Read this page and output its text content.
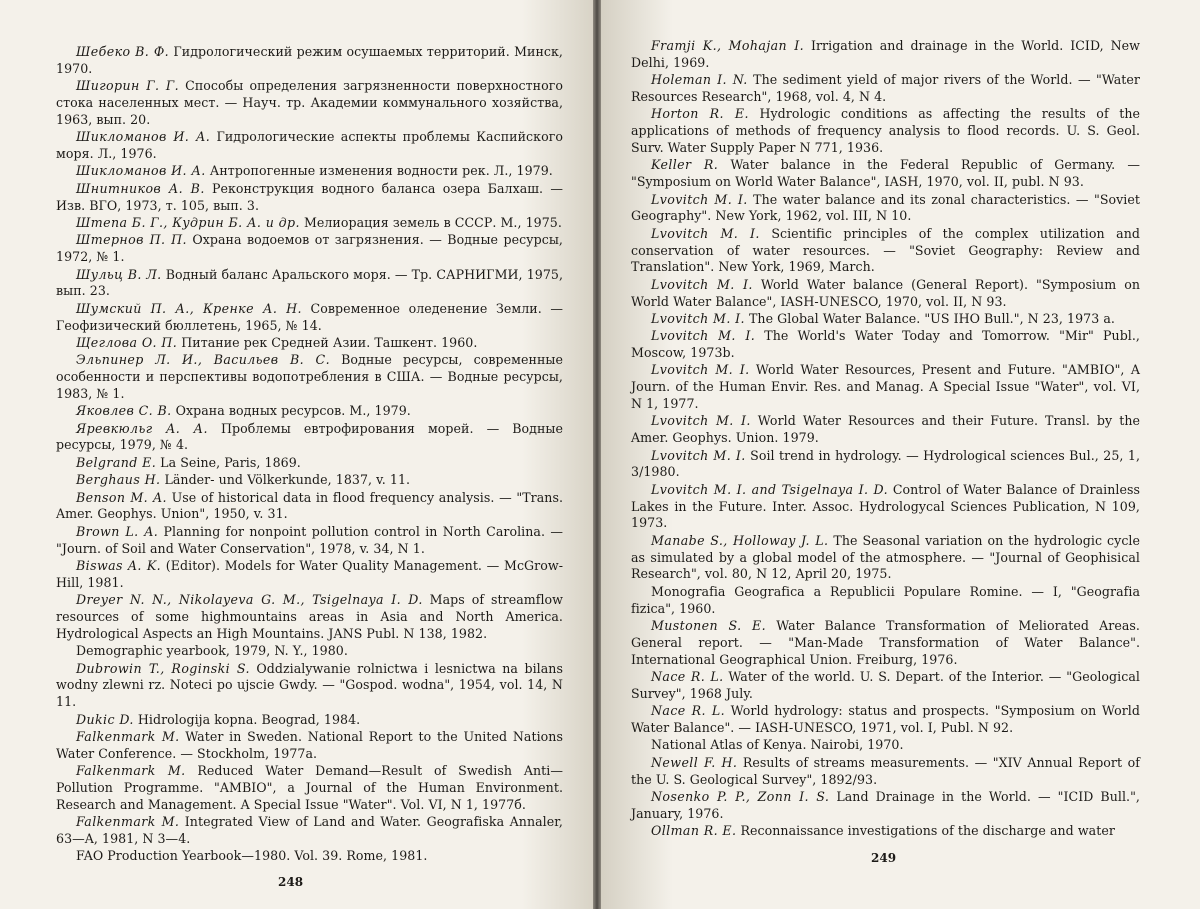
Шебеко В. Ф. Гидрологический режим осушаемых территорий. Минск, 1970.

Шигорин Г. Г. Способы определения загрязненности поверхностного стока населенных мест. — Науч. тр. Академии коммунального хозяйства, 1963, вып. 20.

Шикломанов И. А. Гидрологические аспекты проблемы Каспийского моря. Л., 1976.

Шикломанов И. А. Антропогенные изменения водности рек. Л., 1979.

Шнитников А. В. Реконструкция водного баланса озера Балхаш. — Изв. ВГО, 1973, т. 105, вып. 3.

Штепа Б. Г., Кудрин Б. А. и др. Мелиорация земель в СССР. М., 1975.

Штернов П. П. Охрана водоемов от загрязнения. — Водные ресурсы, 1972, № 1.

Шульц В. Л. Водный баланс Аральского моря. — Тр. САРНИГМИ, 1975, вып. 23.

Шумский П. А., Кренке А. Н. Современное оледенение Земли. — Геофизический бюллетень, 1965, № 14.

Щеглова О. П. Питание рек Средней Азии. Ташкент. 1960.

Эльпинер Л. И., Васильев В. С. Водные ресурсы, современные особенности и перспективы водопотребления в США. — Водные ресурсы, 1983, № 1.

Яковлев С. В. Охрана водных ресурсов. М., 1979.

Яревкюльг А. А. Проблемы евтрофирования морей. — Водные ресурсы, 1979, № 4.

Belgrand E. La Seine, Paris, 1869.

Berghaus H. Länder- und Völkerkunde, 1837, v. 11.

Benson M. A. Use of historical data in flood frequency analysis. — "Trans. Amer. Geophys. Union", 1950, v. 31.

Brown L. A. Planning for nonpoint pollution control in North Carolina. — "Journ. of Soil and Water Conservation", 1978, v. 34, N 1.

Biswas A. K. (Editor). Models for Water Quality Management. — McGrow-Hill, 1981.

Dreyer N. N., Nikolayeva G. M., Tsigelnaya I. D. Maps of streamflow resources of some highmountains areas in Asia and North America. Hydrological Aspects an High Mountains. JANS Publ. N 138, 1982.

Demographic yearbook, 1979, N. Y., 1980.

Dubrowin T., Roginski S. Oddzialywanie rolnictwa i lesnictwa na bilans wodny zlewni rz. Noteci po ujscie Gwdy. — "Gospod. wodna", 1954, vol. 14, N 11.

Dukic D. Hidrologija kopna. Beograd, 1984.

Falkenmark M. Water in Sweden. National Report to the United Nations Water Conference. — Stockholm, 1977a.

Falkenmark M. Reduced Water Demand—Result of Swedish Anti—Pollution Programme. "AMBIO", a Journal of the Human Environment. Research and Management. A Special Issue "Water". Vol. VI, N 1, 1977б.

Falkenmark M. Integrated View of Land and Water. Geografiska Annaler, 63—A, 1981, N 3—4.

FAO Production Yearbook—1980. Vol. 39. Rome, 1981.

248

Framji K., Mohajan I. Irrigation and drainage in the World. ICID, New Delhi, 1969.

Holeman I. N. The sediment yield of major rivers of the World. — "Water Resources Research", 1968, vol. 4, N 4.

Horton R. E. Hydrologic conditions as affecting the results of the applications of methods of frequency analysis to flood records. U. S. Geol. Surv. Water Supply Paper N 771, 1936.

Keller R. Water balance in the Federal Republic of Germany. — "Symposium on World Water Balance", IASH, 1970, vol. II, publ. N 93.

Lvovitch M. I. The water balance and its zonal characteristics. — "Soviet Geography". New York, 1962, vol. III, N 10.

Lvovitch M. I. Scientific principles of the complex utilization and conservation of water resources. — "Soviet Geography: Review and Translation". New York, 1969, March.

Lvovitch M. I. World Water balance (General Report). "Symposium on World Water Balance", IASH-UNESCO, 1970, vol. II, N 93.

Lvovitch M. I. The Global Water Balance. "US IHO Bull.", N 23, 1973 a.

Lvovitch M. I. The World's Water Today and Tomorrow. "Mir" Publ., Moscow, 1973b.

Lvovitch M. I. World Water Resources, Present and Future. "AMBIO", A Journ. of the Human Envir. Res. and Manag. A Special Issue "Water", vol. VI, N 1, 1977.

Lvovitch M. I. World Water Resources and their Future. Transl. by the Amer. Geophys. Union. 1979.

Lvovitch M. I. Soil trend in hydrology. — Hydrological sciences Bul., 25, 1, 3/1980.

Lvovitch M. I. and Tsigelnaya I. D. Control of Water Balance of Drainless Lakes in the Future. Inter. Assoc. Hydrologycal Sciences Publication, N 109, 1973.

Manabe S., Holloway J. L. The Seasonal variation on the hydrologic cycle as simulated by a global model of the atmosphere. — "Journal of Geophisical Research", vol. 80, N 12, April 20, 1975.

Monografia Geografica a Republicii Populare Romine. — I, "Geografia fizica", 1960.

Mustonen S. E. Water Balance Transformation of Meliorated Areas. General report. — "Man-Made Transformation of Water Balance". International Geographical Union. Freiburg, 1976.

Nace R. L. Water of the world. U. S. Depart. of the Interior. — "Geological Survey", 1968 July.

Nace R. L. World hydrology: status and prospects. "Symposium on World Water Balance". — IASH-UNESCO, 1971, vol. I, Publ. N 92.

National Atlas of Kenya. Nairobi, 1970.

Newell F. H. Results of streams measurements. — "XIV Annual Report of the U. S. Geological Survey", 1892/93.

Nosenko P. P., Zonn I. S. Land Drainage in the World. — "ICID Bull.", January, 1976.

Ollman R. E. Reconnaissance investigations of the discharge and water

249
